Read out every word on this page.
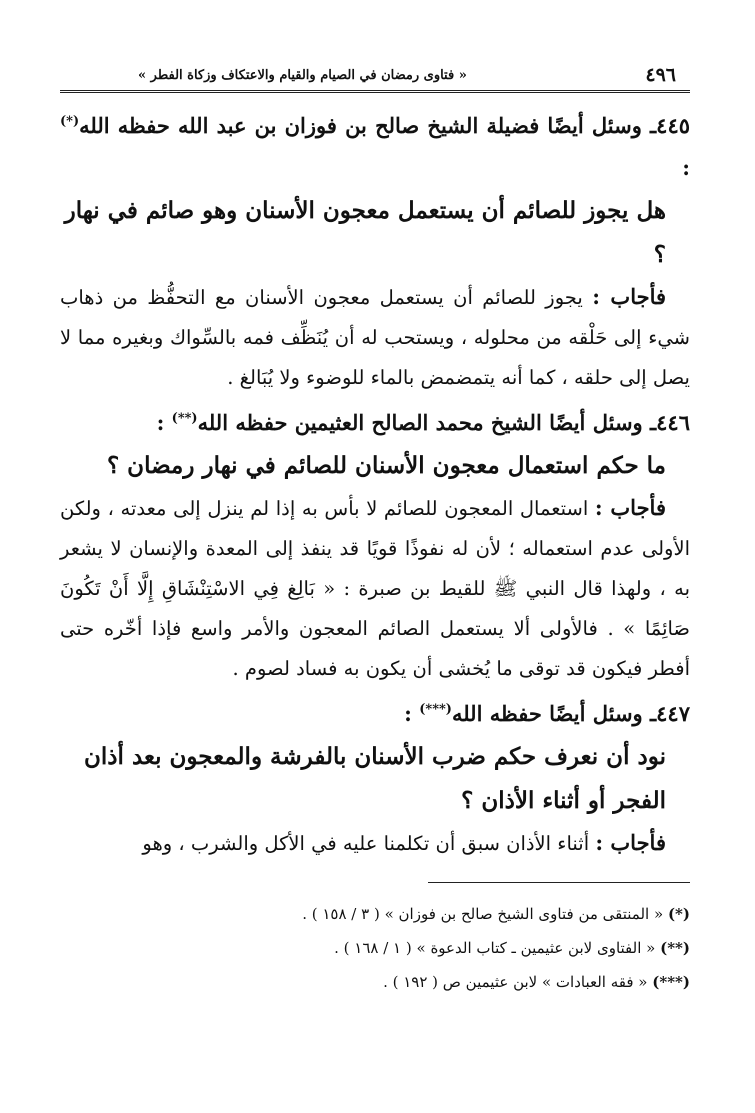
٤٩٦
« فتاوى رمضان في الصيام والقيام والاعتكاف وزكاة الفطر »

٤٤٥ـ وسئل أيضًا فضيلة الشيخ صالح بن فوزان بن عبد الله حفظه الله(*) :

هل يجوز للصائم أن يستعمل معجون الأسنان وهو صائم في نهار ؟

فأجاب : يجوز للصائم أن يستعمل معجون الأسنان مع التحفُّظ من ذهاب شيء إلى حَلْقه من محلوله ، ويستحب له أن يُنَظِّف فمه بالسِّواك وبغيره مما لا يصل إلى حلقه ، كما أنه يتمضمض بالماء للوضوء ولا يُبَالغ .

٤٤٦ـ وسئل أيضًا الشيخ محمد الصالح العثيمين حفظه الله(**) :

ما حكم استعمال معجون الأسنان للصائم في نهار رمضان ؟

فأجاب : استعمال المعجون للصائم لا بأس به إذا لم ينزل إلى معدته ، ولكن الأولى عدم استعماله ؛ لأن له نفوذًا قويًا قد ينفذ إلى المعدة والإنسان لا يشعر به ، ولهذا قال النبي ﷺ للقيط بن صبرة : « بَالِغ فِي الاسْتِنْشَاقِ إِلَّا أَنْ تَكُونَ صَائِمًا » . فالأولى ألا يستعمل الصائم المعجون والأمر واسع فإذا أخّره حتى أفطر فيكون قد توقى ما يُخشى أن يكون به فساد لصوم .

٤٤٧ـ وسئل أيضًا حفظه الله(***) :

نود أن نعرف حكم ضرب الأسنان بالفرشة والمعجون بعد أذان الفجر أو أثناء الأذان ؟

فأجاب : أثناء الأذان سبق أن تكلمنا عليه في الأكل والشرب ، وهو

(*) « المنتقى من فتاوى الشيخ صالح بن فوزان » ( ٣ / ١٥٨ ) .
(**) « الفتاوى لابن عثيمين ـ كتاب الدعوة » ( ١ / ١٦٨ ) .
(***) « فقه العبادات » لابن عثيمين ص ( ١٩٢ ) .
